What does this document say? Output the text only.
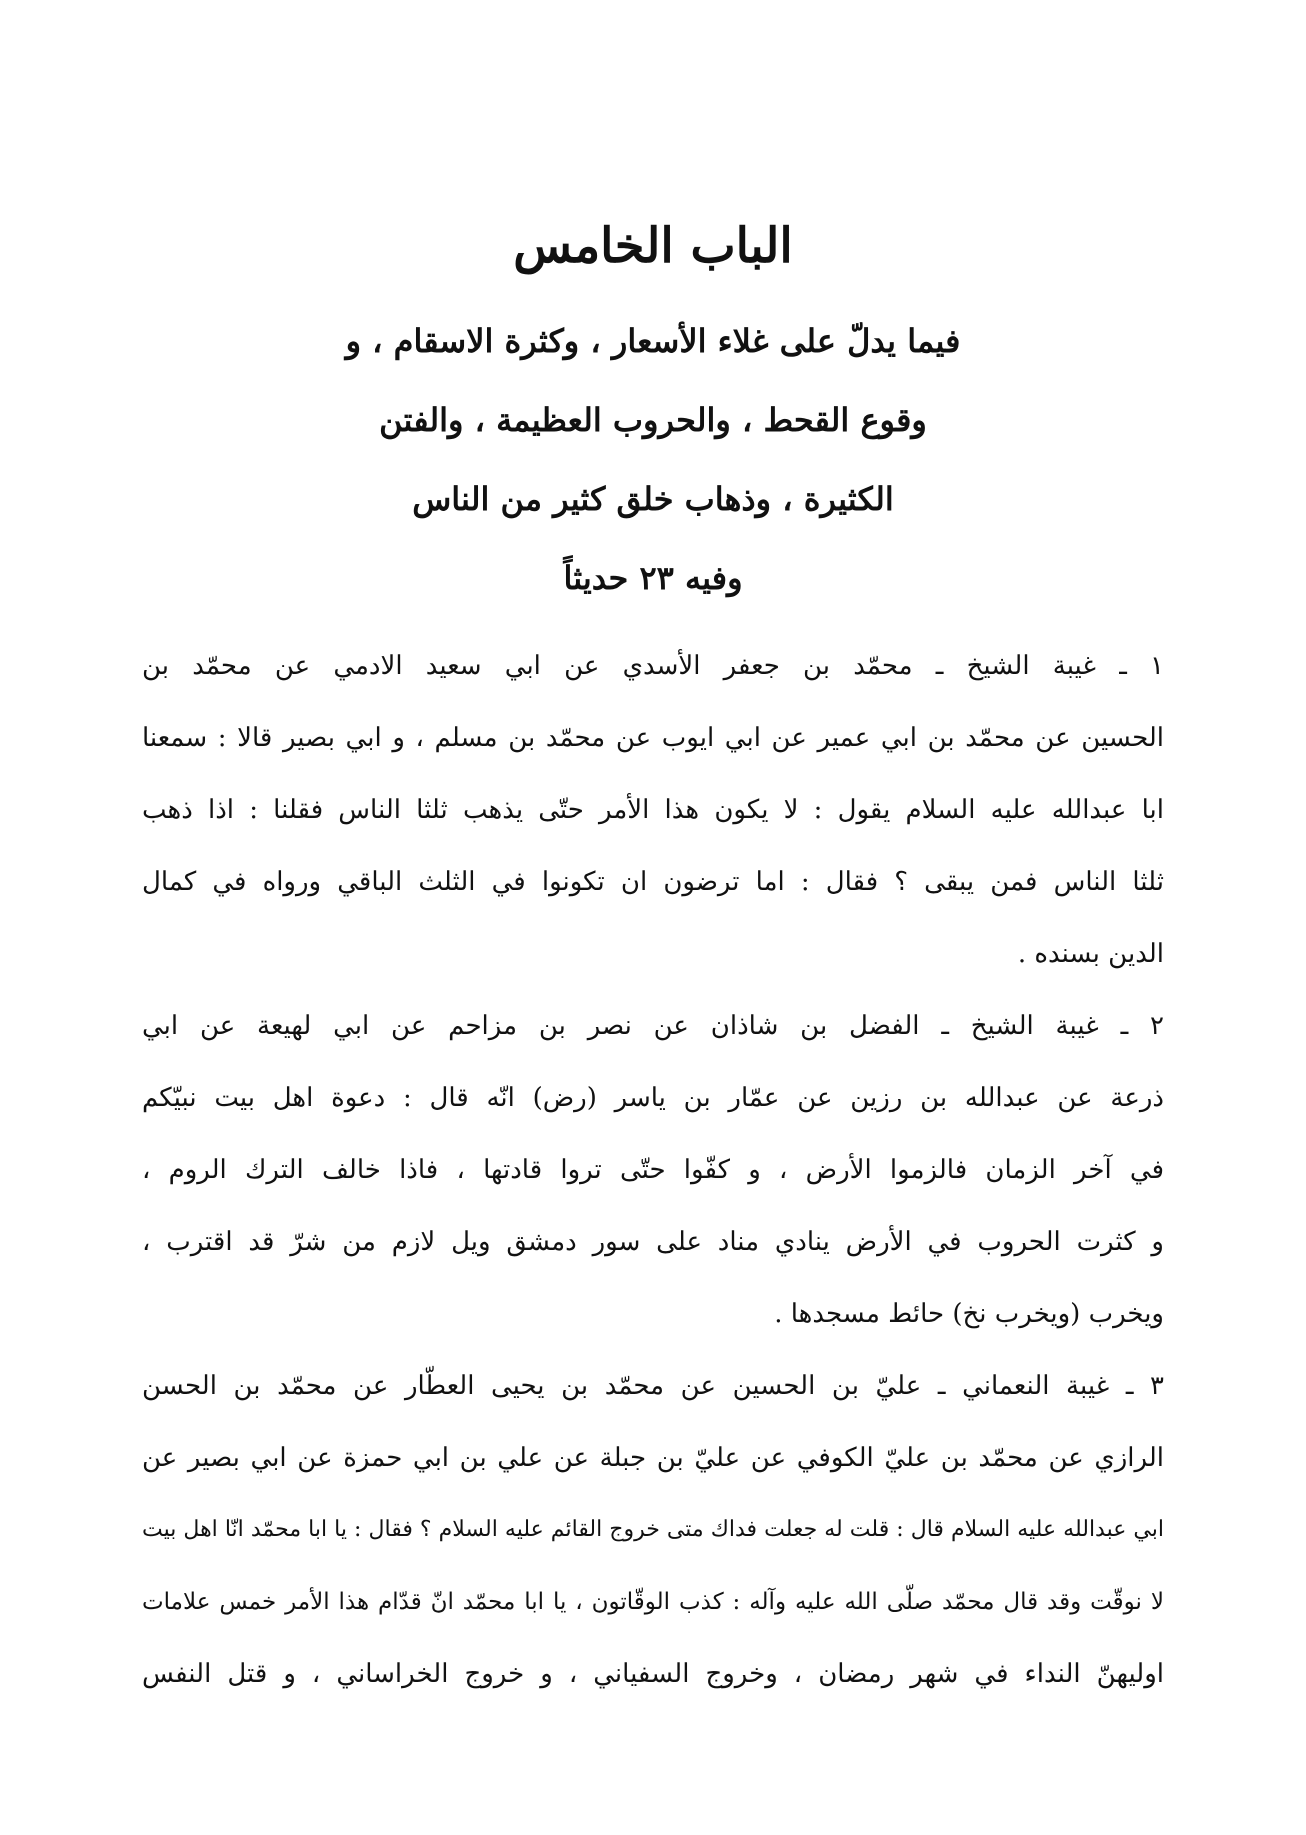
الباب الخامس
فيما يدلّ على غلاء الأسعار ، وكثرة الاسقام ، و
وقوع القحط ، والحروب العظيمة ، والفتن
الكثيرة ، وذهاب خلق كثير من الناس
وفيه ٢٣ حديثاً
١ ـ غيبة الشيخ ـ محمّد بن جعفر الأسدي عن ابي سعيد الادمي عن محمّد بن
الحسين عن محمّد بن ابي عمير عن ابي ايوب عن محمّد بن مسلم ، و ابي بصير قالا : سمعنا
ابا عبدالله عليه السلام يقول : لا يكون هذا الأمر حتّى يذهب ثلثا الناس فقلنا : اذا ذهب
ثلثا الناس فمن يبقى ؟ فقال : اما ترضون ان تكونوا في الثلث الباقي ورواه في كمال
الدين بسنده .
٢ ـ غيبة الشيخ ـ الفضل بن شاذان عن نصر بن مزاحم عن ابي لهيعة عن ابي
ذرعة عن عبدالله بن رزين عن عمّار بن ياسر (رض) انّه قال : دعوة اهل بيت نبيّكم
في آخر الزمان فالزموا الأرض ، و كفّوا حتّى تروا قادتها ، فاذا خالف الترك الروم ،
و كثرت الحروب في الأرض ينادي مناد على سور دمشق ويل لازم من شرّ قد اقترب ،
ويخرب (ويخرب نخ) حائط مسجدها .
٣ ـ غيبة النعماني ـ عليّ بن الحسين عن محمّد بن يحيى العطّار عن محمّد بن الحسن
الرازي عن محمّد بن عليّ الكوفي عن عليّ بن جبلة عن علي بن ابي حمزة عن ابي بصير عن
ابي عبدالله عليه السلام قال : قلت له جعلت فداك متى خروج القائم عليه السلام ؟ فقال : يا ابا محمّد انّا اهل بيت
لا نوقّت وقد قال محمّد صلّى الله عليه وآله : كذب الوقّاتون ، يا ابا محمّد انّ قدّام هذا الأمر خمس علامات
اوليهنّ النداء في شهر رمضان ، وخروج السفياني ، و خروج الخراساني ، و قتل النفس
